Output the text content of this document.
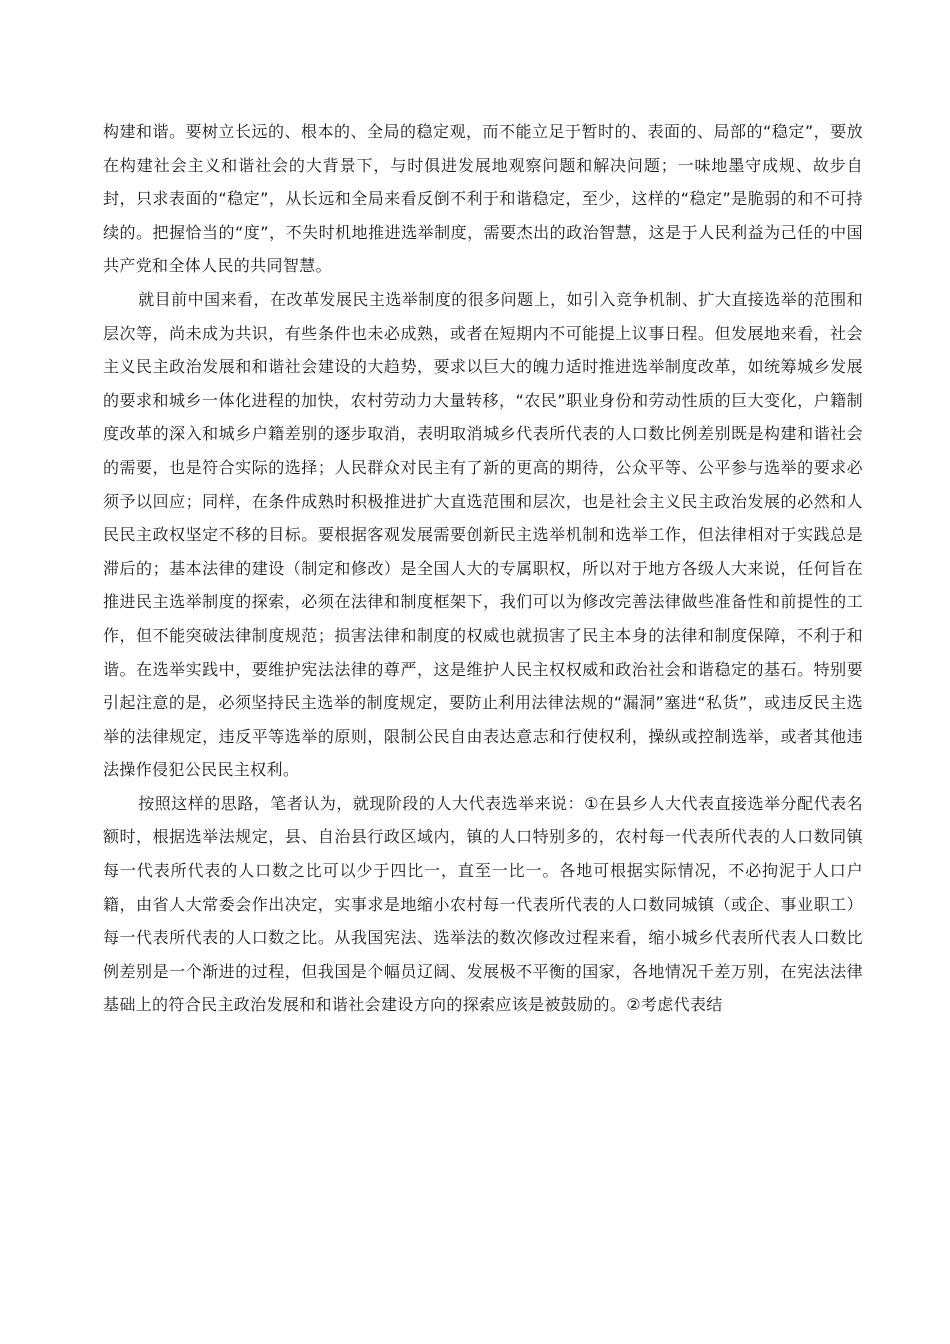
构建和谐。要树立长远的、根本的、全局的稳定观，而不能立足于暂时的、表面的、局部的“稳定”，要放在构建社会主义和谐社会的大背景下，与时俱进发展地观察问题和解决问题；一味地墨守成规、故步自封，只求表面的“稳定”，从长远和全局来看反倒不利于和谐稳定，至少，这样的“稳定”是脆弱的和不可持续的。把握恰当的“度”，不失时机地推进选举制度，需要杰出的政治智慧，这是于人民利益为己任的中国共产党和全体人民的共同智慧。

就目前中国来看，在改革发展民主选举制度的很多问题上，如引入竞争机制、扩大直接选举的范围和层次等，尚未成为共识，有些条件也未必成熟，或者在短期内不可能提上议事日程。但发展地来看，社会主义民主政治发展和和谐社会建设的大趋势，要求以巨大的魄力适时推进选举制度改革，如统筹城乡发展的要求和城乡一体化进程的加快，农村劳动力大量转移，“农民”职业身份和劳动性质的巨大变化，户籍制度改革的深入和城乡户籍差别的逐步取消，表明取消城乡代表所代表的人口数比例差别既是构建和谐社会的需要，也是符合实际的选择；人民群众对民主有了新的更高的期待，公众平等、公平参与选举的要求必须予以回应；同样，在条件成熟时积极推进扩大直选范围和层次，也是社会主义民主政治发展的必然和人民民主政权坚定不移的目标。要根据客观发展需要创新民主选举机制和选举工作，但法律相对于实践总是滞后的；基本法律的建设（制定和修改）是全国人大的专属职权，所以对于地方各级人大来说，任何旨在推进民主选举制度的探索，必须在法律和制度框架下，我们可以为修改完善法律做些准备性和前提性的工作，但不能突破法律制度规范；损害法律和制度的权威也就损害了民主本身的法律和制度保障，不利于和谐。在选举实践中，要维护宪法法律的尊严，这是维护人民主权权威和政治社会和谐稳定的基石。特别要引起注意的是，必须坚持民主选举的制度规定，要防止利用法律法规的“漏洞”塞进“私货”，或违反民主选举的法律规定，违反平等选举的原则，限制公民自由表达意志和行使权利，操纵或控制选举，或者其他违法操作侵犯公民民主权利。

按照这样的思路，笔者认为，就现阶段的人大代表选举来说：①在县乡人大代表直接选举分配代表名额时，根据选举法规定，县、自治县行政区域内，镇的人口特别多的，农村每一代表所代表的人口数同镇每一代表所代表的人口数之比可以少于四比一，直至一比一。各地可根据实际情况，不必拘泥于人口户籍，由省人大常委会作出决定，实事求是地缩小农村每一代表所代表的人口数同城镇（或企、事业职工）每一代表所代表的人口数之比。从我国宪法、选举法的数次修改过程来看，缩小城乡代表所代表人口数比例差别是一个渐进的过程，但我国是个幅员辽阔、发展极不平衡的国家，各地情况千差万别，在宪法法律基础上的符合民主政治发展和和谐社会建设方向的探索应该是被鼓励的。②考虑代表结
